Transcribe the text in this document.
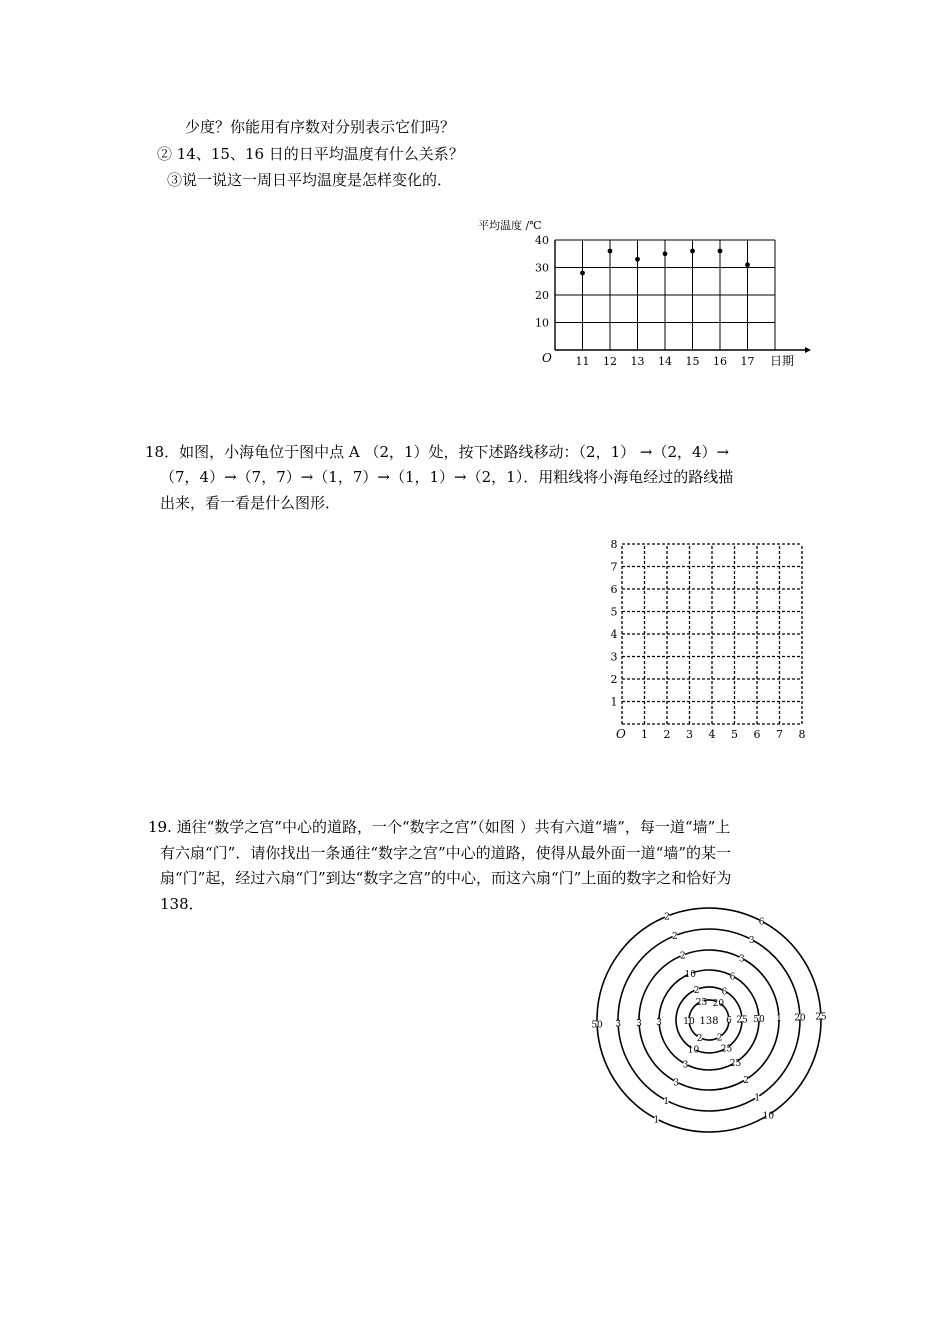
少度？你能用有序数对分别表示它们吗？
② 14、15、16 日的日平均温度有什么关系？
③说一说这一周日平均温度是怎样变化的．
平均温度 /℃
10
20
30
40
11 12 13 14 15 16 17
O	日期
18．如图，小海龟位于图中点 A （2，1）处，按下述路线移动：（2，1） →（2，4）→
（7，4）→（7，7）→（1，7）→（1，1）→（2，1）．用粗线将小海龟经过的路线描
出来，看一看是什么图形．
1 2 3 4 5 6 7 8
1
2
3
4
5
6
7
8
O
19. 通往“数学之宫”中心的道路，一个“数字之宫”（如图 ）共有六道“墙”，每一道“墙”上
有六扇“门”．请你找出一条通往“数字之宫”中心的道路，使得从最外面一道“墙”的某一
扇“门”起，经过六扇“门”到达“数字之宫”的中心，而这六扇“门”上面的数字之和恰好为
138．
2	6
25
10
1
50
2	3
20
1
1
3
2	3
1
2
3
3
10	6
50
25
3
3
2 6
25
25
10
25 20
6
2
2
10 138
